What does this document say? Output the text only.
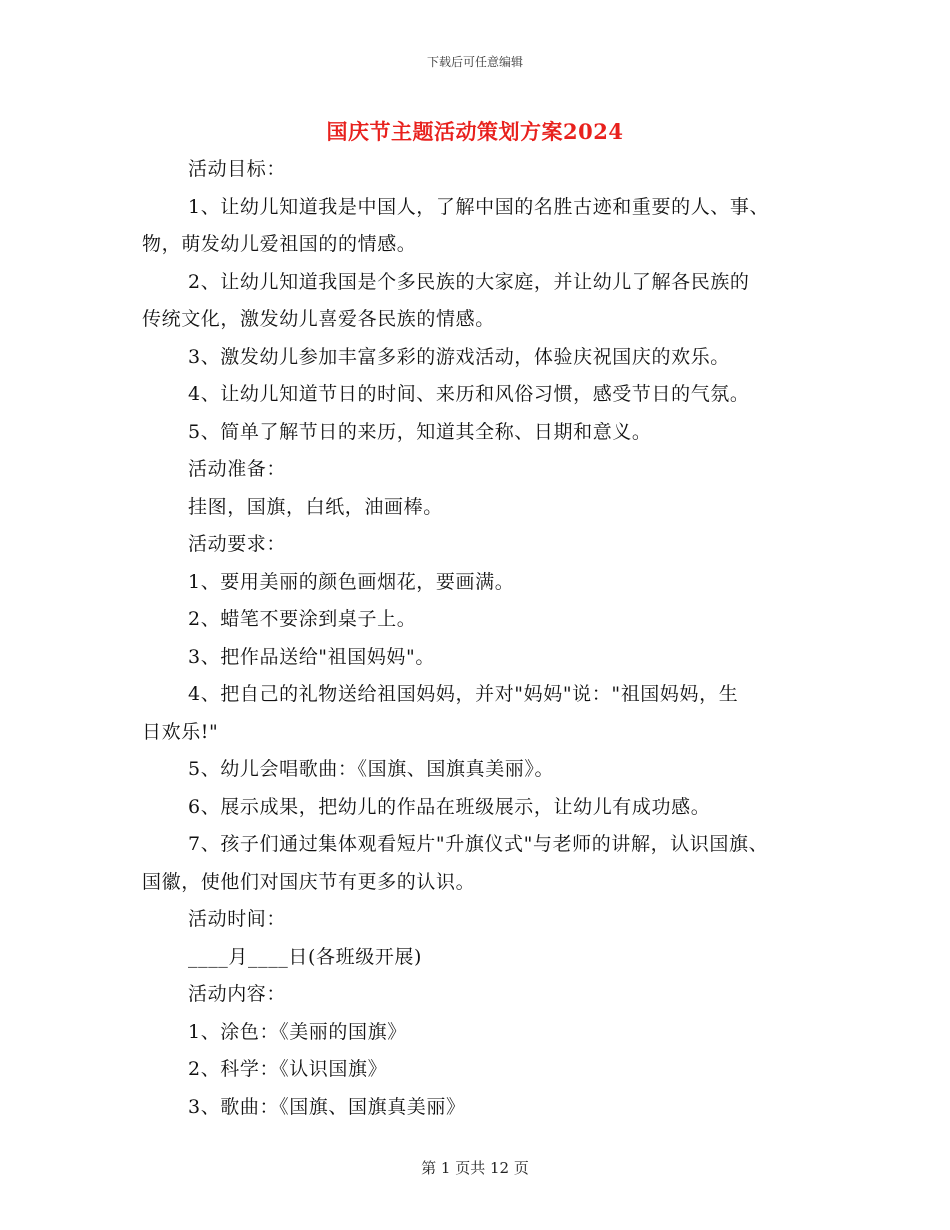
下载后可任意编辑
国庆节主题活动策划方案2024
活动目标：
1、让幼儿知道我是中国人，了解中国的名胜古迹和重要的人、事、
物，萌发幼儿爱祖国的的情感。
2、让幼儿知道我国是个多民族的大家庭，并让幼儿了解各民族的
传统文化，激发幼儿喜爱各民族的情感。
3、激发幼儿参加丰富多彩的游戏活动，体验庆祝国庆的欢乐。
4、让幼儿知道节日的时间、来历和风俗习惯，感受节日的气氛。
5、简单了解节日的来历，知道其全称、日期和意义。
活动准备：
挂图，国旗，白纸，油画棒。
活动要求：
1、要用美丽的颜色画烟花，要画满。
2、蜡笔不要涂到桌子上。
3、把作品送给"祖国妈妈"。
4、把自己的礼物送给祖国妈妈，并对"妈妈"说："祖国妈妈，生
日欢乐!"
5、幼儿会唱歌曲：《国旗、国旗真美丽》。
6、展示成果，把幼儿的作品在班级展示，让幼儿有成功感。
7、孩子们通过集体观看短片"升旗仪式"与老师的讲解，认识国旗、
国徽，使他们对国庆节有更多的认识。
活动时间：
____月____日(各班级开展)
活动内容：
1、涂色：《美丽的国旗》
2、科学：《认识国旗》
3、歌曲：《国旗、国旗真美丽》
第 1 页共 12 页
